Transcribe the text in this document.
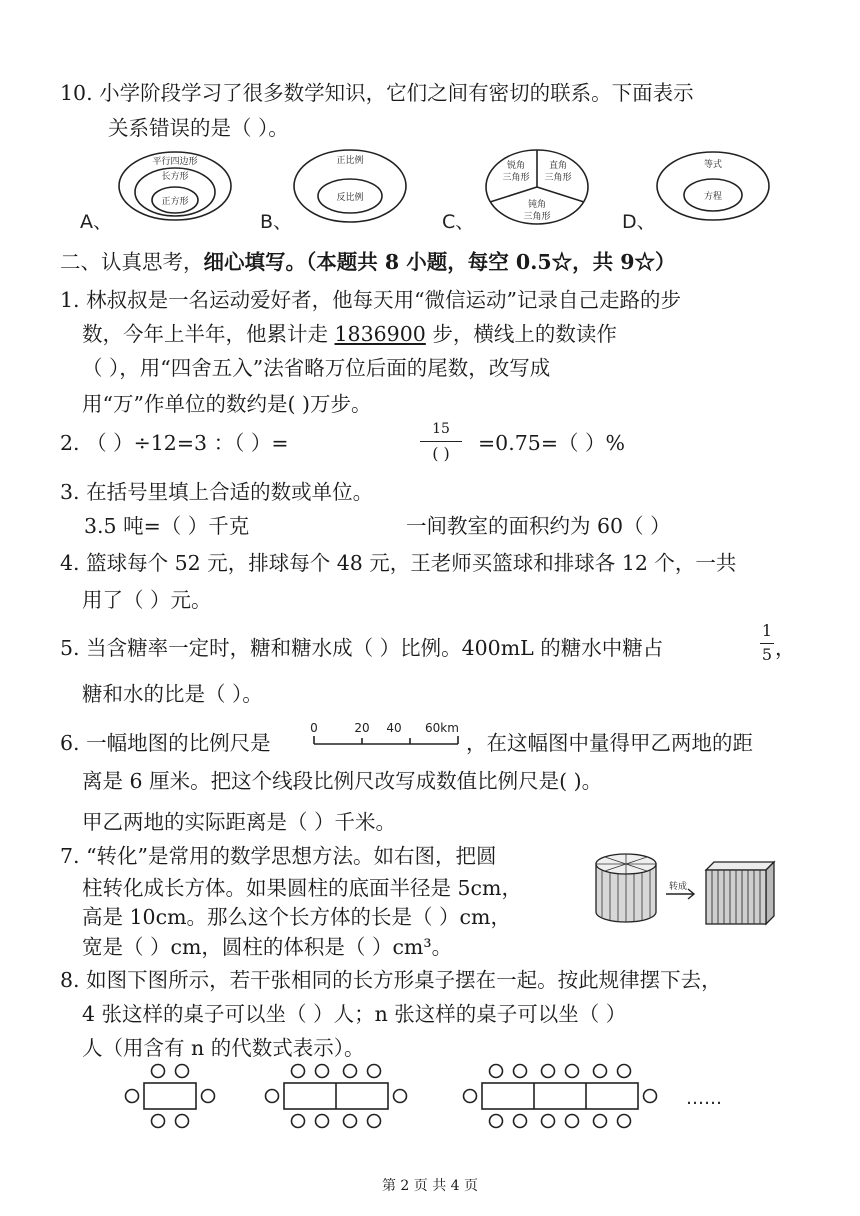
10. 小学阶段学习了很多数学知识，它们之间有密切的联系。下面表示
关系错误的是（ ）。
平行四边形
长方形
正方形
正比例
反比例
锐角
三角形
直角
三角形
钝角
三角形
等式
方程
A、	B、	C、	D、
二、认真思考，细心填写。（本题共 8 小题，每空 0.5☆，共 9☆）
1. 林叔叔是一名运动爱好者，他每天用“微信运动”记录自己走路的步
数，今年上半年，他累计走 1836900 步，横线上的数读作
（ ），用“四舍五入”法省略万位后面的尾数，改写成
用“万”作单位的数约是( )万步。
2. （ ）÷12=3 ：（ ）=
15
( )	=0.75=（ ）%
3. 在括号里填上合适的数或单位。
3.5 吨=（ ）千克	一间教室的面积约为 60（ ）
4. 篮球每个 52 元，排球每个 48 元，王老师买篮球和排球各 12 个，一共
用了（ ）元。
5. 当含糖率一定时，糖和糖水成（ ）比例。400mL 的糖水中糖占
1
5 ，
糖和水的比是（ ）。
6. 一幅地图的比例尺是
0	20 40 60km
，在这幅图中量得甲乙两地的距
离是 6 厘米。把这个线段比例尺改写成数值比例尺是( )。
甲乙两地的实际距离是（ ）千米。
7. “转化”是常用的数学思想方法。如右图，把圆
柱转化成长方体。如果圆柱的底面半径是 5cm，
高是 10cm。那么这个长方体的长是（ ）cm，
宽是（ ）cm，圆柱的体积是（ ）cm³。
转成
8. 如图下图所示，若干张相同的长方形桌子摆在一起。按此规律摆下去，
4 张这样的桌子可以坐（ ）人；n 张这样的桌子可以坐（ ）
人（用含有 n 的代数式表示）。
……
第 2 页 共 4 页
